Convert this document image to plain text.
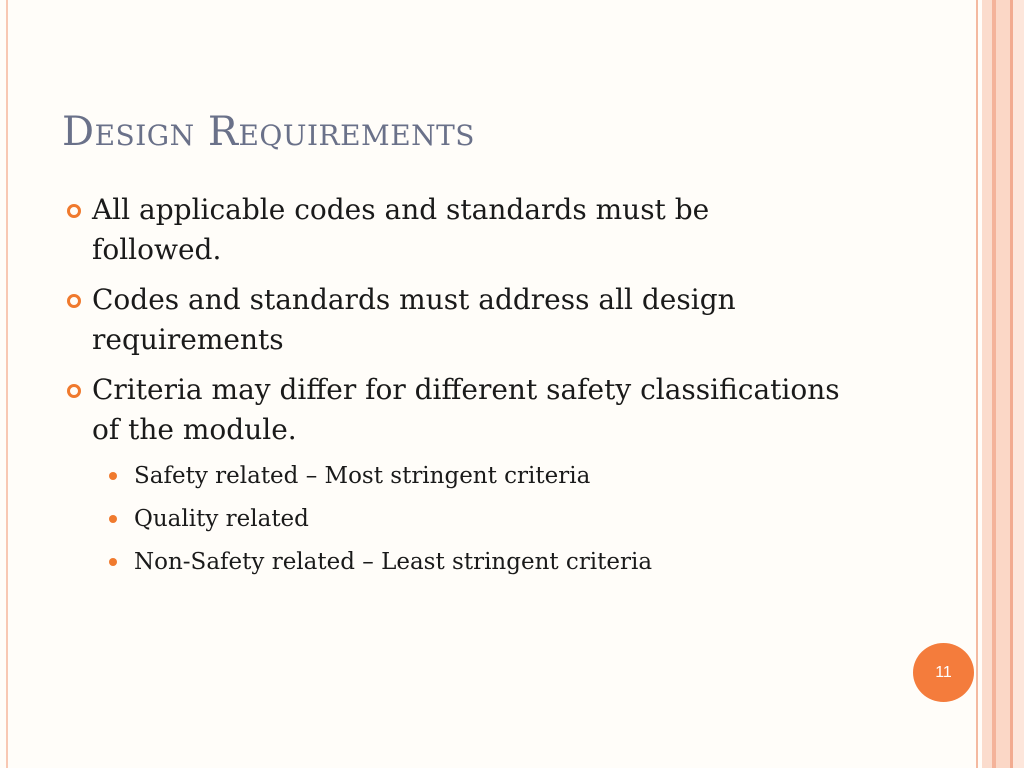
Design Requirements
All applicable codes and standards must be followed.
Codes and standards must address all design requirements
Criteria may differ for different safety classifications of the module.
Safety related – Most stringent criteria
Quality related
Non-Safety related – Least stringent criteria
11
